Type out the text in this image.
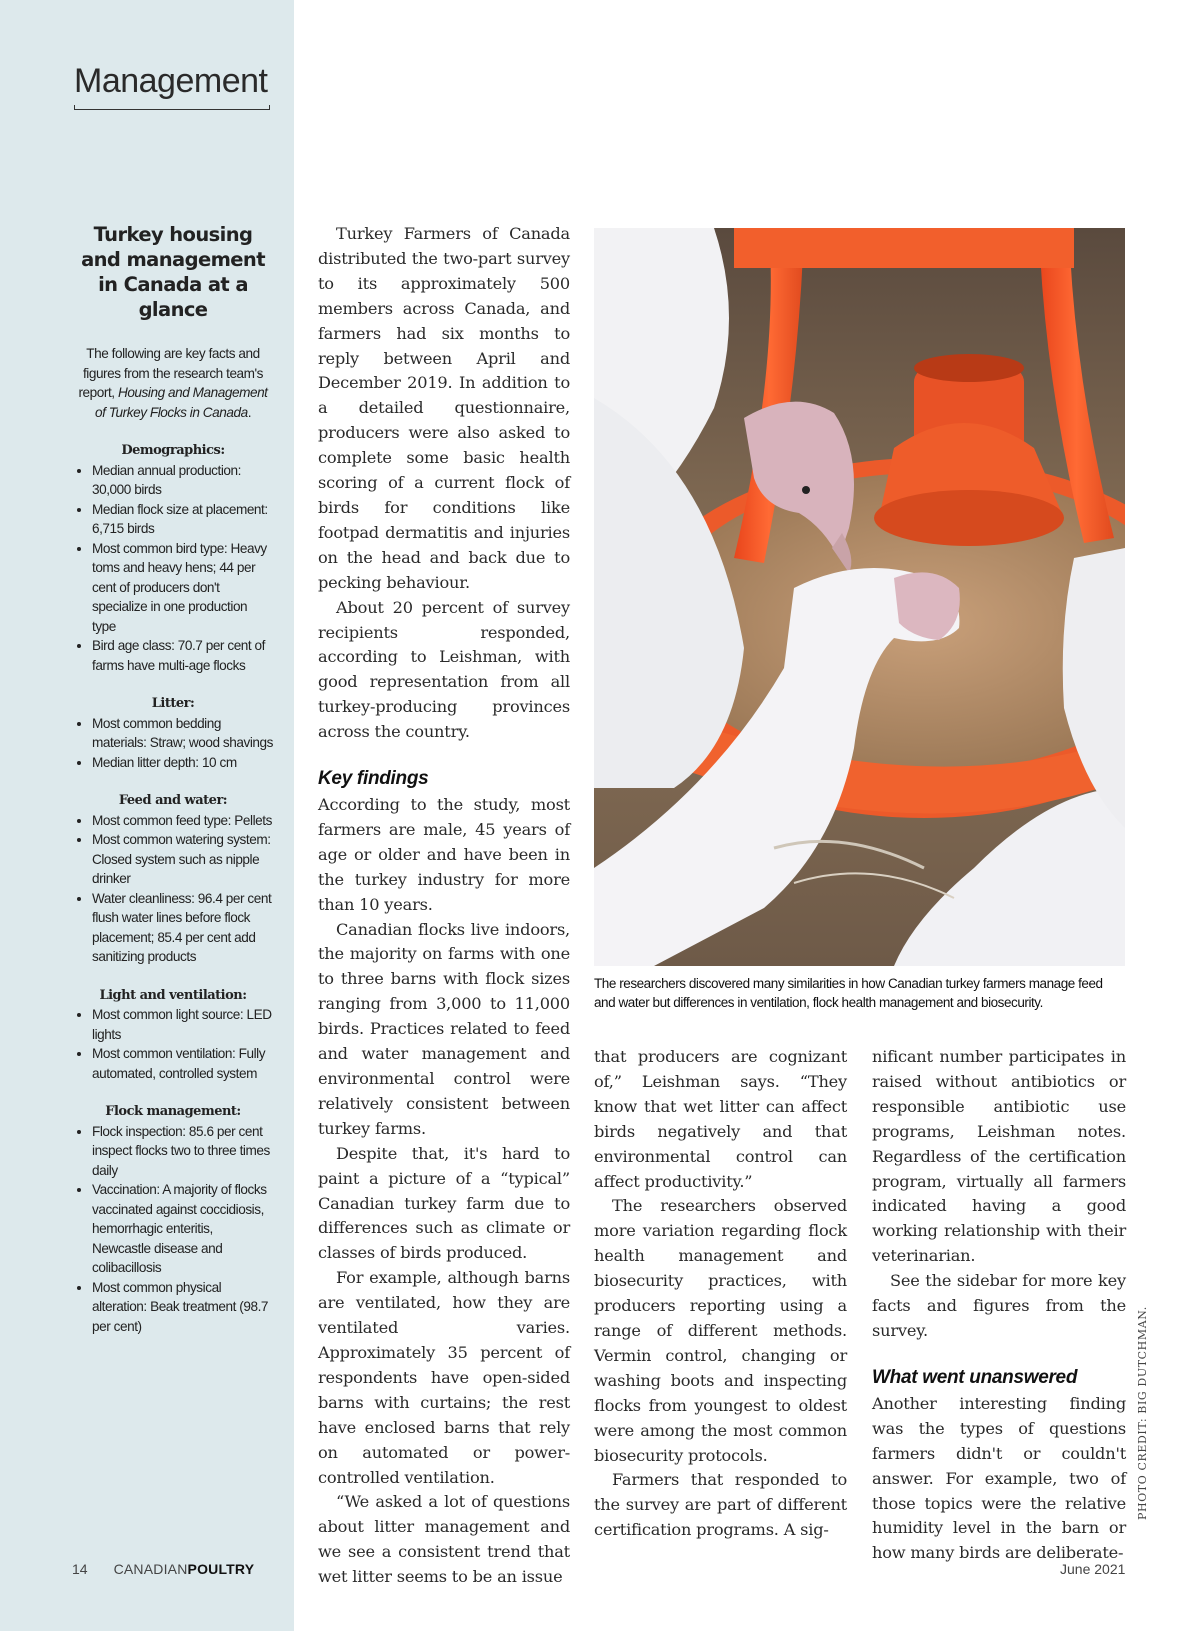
Management
Turkey housing and management in Canada at a glance
The following are key facts and figures from the research team's report, Housing and Management of Turkey Flocks in Canada.
Demographics:
• Median annual production: 30,000 birds
• Median flock size at placement: 6,715 birds
• Most common bird type: Heavy toms and heavy hens; 44 per cent of producers don't specialize in one production type
• Bird age class: 70.7 per cent of farms have multi-age flocks
Litter:
• Most common bedding materials: Straw; wood shavings
• Median litter depth: 10 cm
Feed and water:
• Most common feed type: Pellets
• Most common watering system: Closed system such as nipple drinker
• Water cleanliness: 96.4 per cent flush water lines before flock placement; 85.4 per cent add sanitizing products
Light and ventilation:
• Most common light source: LED lights
• Most common ventilation: Fully automated, controlled system
Flock management:
• Flock inspection: 85.6 per cent inspect flocks two to three times daily
• Vaccination: A majority of flocks vaccinated against coccidiosis, hemorrhagic enteritis, Newcastle disease and colibacillosis
• Most common physical alteration: Beak treatment (98.7 per cent)

Turkey Farmers of Canada distributed the two-part survey to its approximately 500 members across Canada, and farmers had six months to reply between April and December 2019. In addition to a detailed questionnaire, producers were also asked to complete some basic health scoring of a current flock of birds for conditions like footpad dermatitis and injuries on the head and back due to pecking behaviour.

About 20 percent of survey recipients responded, according to Leishman, with good representation from all turkey-producing provinces across the country.

Key findings

According to the study, most farmers are male, 45 years of age or older and have been in the turkey industry for more than 10 years.

Canadian flocks live indoors, the majority on farms with one to three barns with flock sizes ranging from 3,000 to 11,000 birds. Practices related to feed and water management and environmental control were relatively consistent between turkey farms.

Despite that, it's hard to paint a picture of a “typical” Canadian turkey farm due to differences such as climate or classes of birds produced.

For example, although barns are ventilated, how they are ventilated varies. Approximately 35 percent of respondents have open-sided barns with curtains; the rest have enclosed barns that rely on automated or power-controlled ventilation.

“We asked a lot of questions about litter management and we see a consistent trend that wet litter seems to be an issue

The researchers discovered many similarities in how Canadian turkey farmers manage feed and water but differences in ventilation, flock health management and biosecurity.

that producers are cognizant of,” Leishman says. “They know that wet litter can affect birds negatively and that environmental control can affect productivity.”

The researchers observed more variation regarding flock health management and biosecurity practices, with producers reporting using a range of different methods. Vermin control, changing or washing boots and inspecting flocks from youngest to oldest were among the most common biosecurity protocols.

Farmers that responded to the survey are part of different certification programs. A sig-

nificant number participates in raised without antibiotics or responsible antibiotic use programs, Leishman notes. Regardless of the certification program, virtually all farmers indicated having a good working relationship with their veterinarian.

See the sidebar for more key facts and figures from the survey.

What went unanswered

Another interesting finding was the types of questions farmers didn't or couldn't answer. For example, two of those topics were the relative humidity level in the barn or how many birds are deliberate-

PHOTO CREDIT: BIG DUTCHMAN.
14 CANADIANPOULTRY	June 2021
